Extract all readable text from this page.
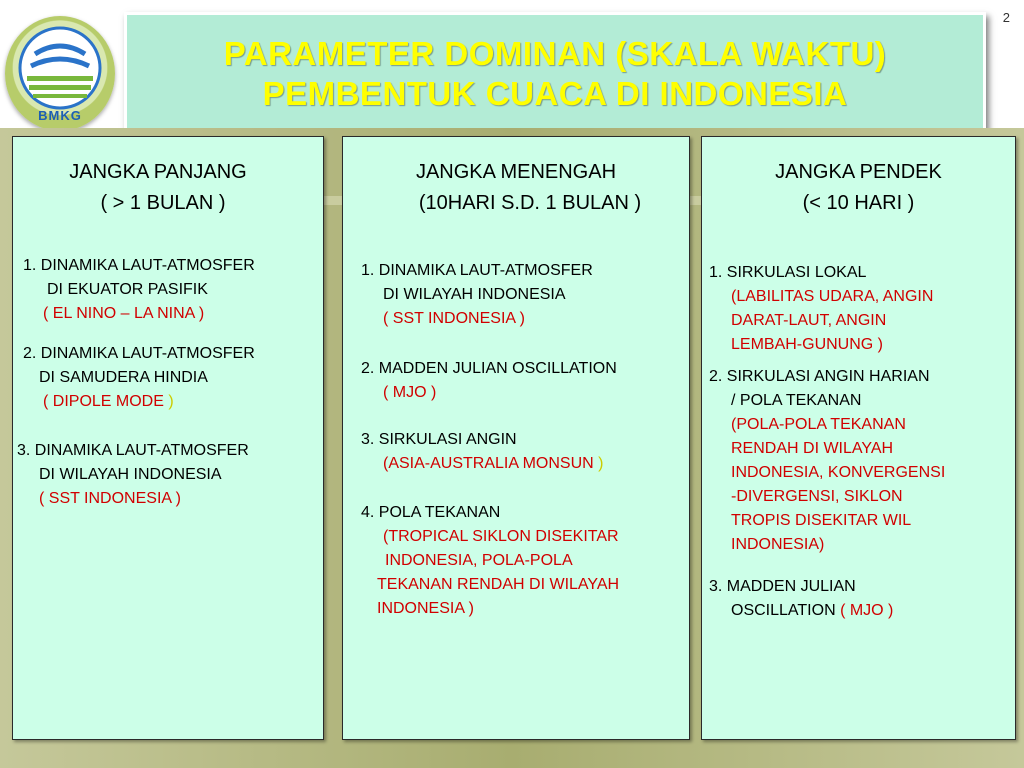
2
BMKG
PARAMETER DOMINAN (SKALA WAKTU)
PEMBENTUK CUACA DI INDONESIA
JANGKA PANJANG
( > 1 BULAN )
1. DINAMIKA LAUT-ATMOSFER
DI EKUATOR PASIFIK
( EL NINO – LA NINA )
2. DINAMIKA LAUT-ATMOSFER
DI SAMUDERA HINDIA
( DIPOLE MODE )
3. DINAMIKA LAUT-ATMOSFER
DI WILAYAH INDONESIA
( SST INDONESIA )
JANGKA MENENGAH
(10HARI S.D. 1 BULAN )
1. DINAMIKA LAUT-ATMOSFER
DI WILAYAH INDONESIA
( SST INDONESIA )
2. MADDEN JULIAN OSCILLATION
( MJO )
3. SIRKULASI ANGIN
(ASIA-AUSTRALIA MONSUN )
4. POLA TEKANAN
(TROPICAL SIKLON DISEKITAR
INDONESIA, POLA-POLA
TEKANAN RENDAH DI WILAYAH
INDONESIA )
JANGKA PENDEK
(< 10 HARI )
1. SIRKULASI LOKAL
(LABILITAS UDARA, ANGIN
DARAT-LAUT, ANGIN
LEMBAH-GUNUNG )
2. SIRKULASI ANGIN HARIAN
/ POLA TEKANAN
(POLA-POLA TEKANAN
RENDAH DI WILAYAH
INDONESIA, KONVERGENSI
-DIVERGENSI, SIKLON
TROPIS DISEKITAR WIL
INDONESIA)
3. MADDEN JULIAN
OSCILLATION ( MJO )
